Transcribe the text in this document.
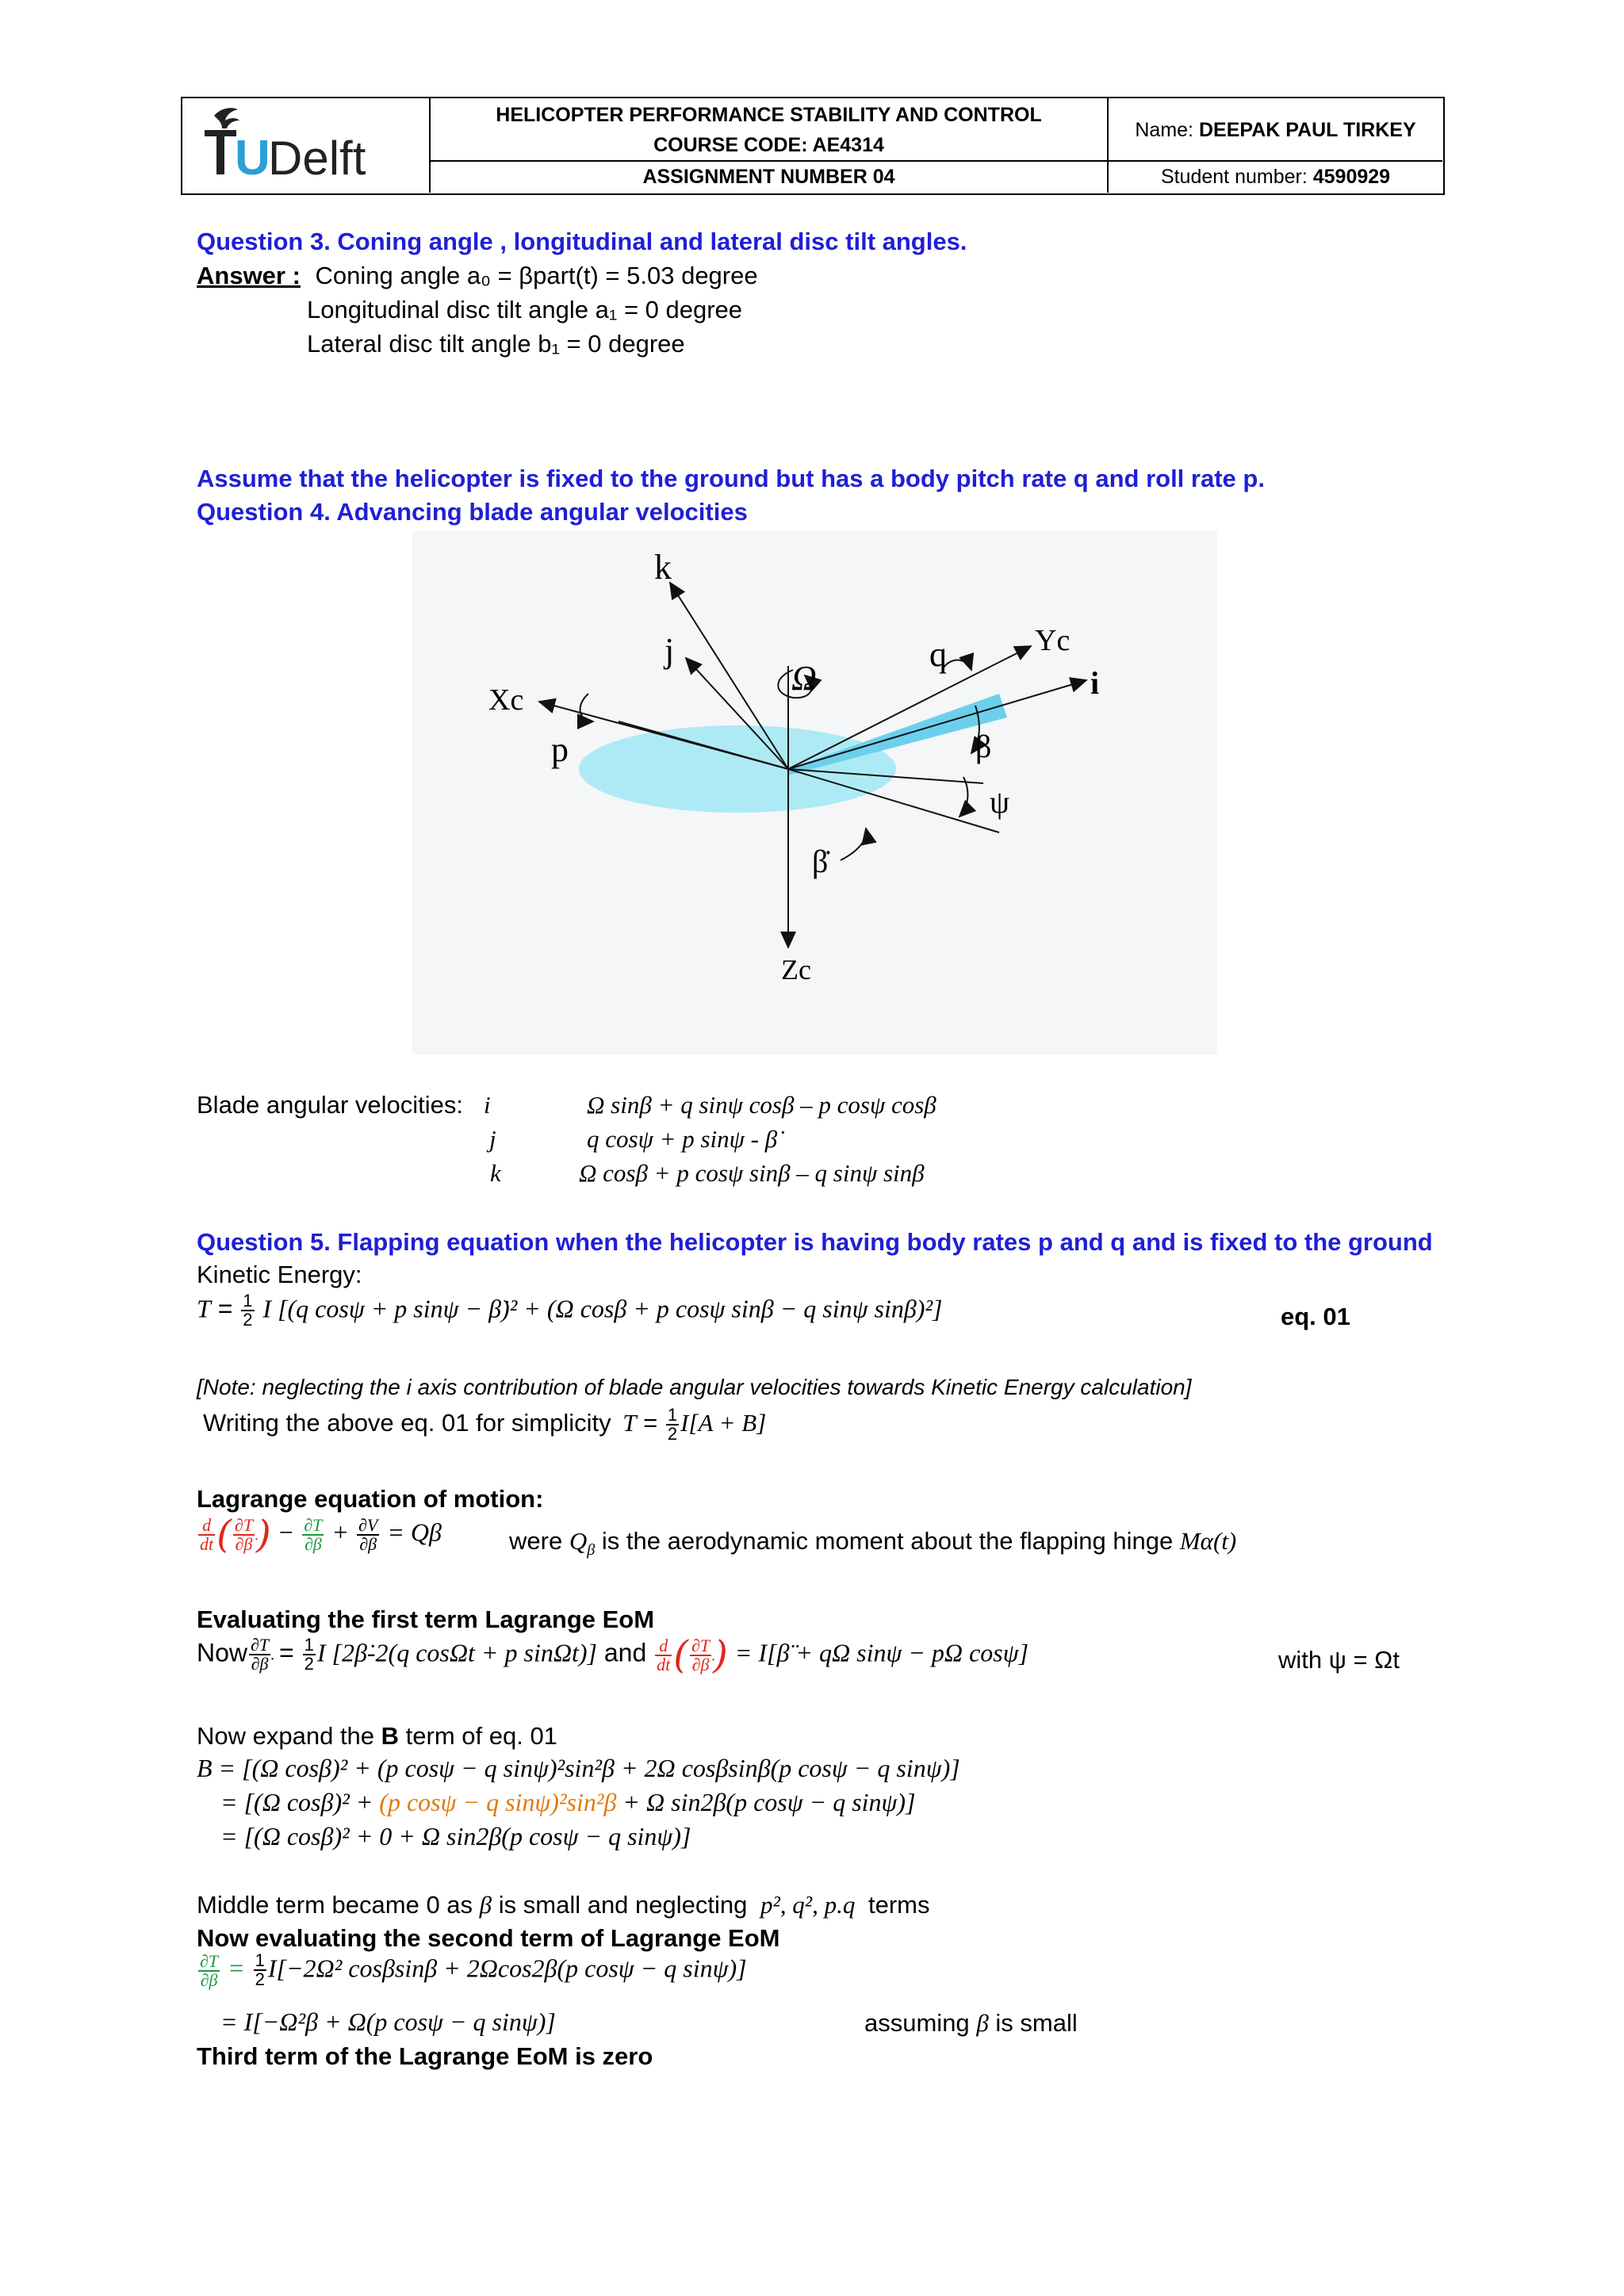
U
Delft
HELICOPTER PERFORMANCE STABILITY AND CONTROL
COURSE CODE: AE4314
ASSIGNMENT NUMBER 04
Name: DEEPAK PAUL TIRKEY
Student number: 4590929
Question 3. Coning angle , longitudinal and lateral disc tilt angles.
Answer : Coning angle a₀ = βpart(t) = 5.03 degree
Longitudinal disc tilt angle a₁ = 0 degree
Lateral disc tilt angle b₁ = 0 degree
Assume that the helicopter is fixed to the ground but has a body pitch rate q and roll rate p.
Question 4. Advancing blade angular velocities
k
j
Ω
q	Yc
i
Xc
p	β
ψ
β̇
Zc
Blade angular velocities: i	Ω sinβ + q sinψ cosβ – p cosψ cosβ
j	q cosψ + p sinψ - β̇
k	Ω cosβ + p cosψ sinβ – q sinψ sinβ
Question 5. Flapping equation when the helicopter is having body rates p and q and is fixed to the ground
Kinetic Energy:
$T = \frac{1}{2}$ I [(q cosψ + p sinψ − β̇)² + (Ω cosβ + p cosψ sinβ − q sinψ sinβ)²]	eq. 01
[Note: neglecting the i axis contribution of blade angular velocities towards Kinetic Energy calculation]
Writing the above eq. 01 for simplicity $T = \frac{1}{2} I[A + B]$
Lagrange equation of motion:
$\frac{d}{dt}$ ( $\frac{\partial T}{\partial\betȧ}$ ) − $\frac{\partial T}{\partial\beta} + \frac{\partial V}{\partial\beta} = Q\beta$	were $Q_\beta$ is the aerodynamic moment about the flapping hinge Mα(t)
Evaluating the first term Lagrange EoM
Now $\frac{\partial T}{\partial\betȧ} = \frac{1}{2}$ I [2β̇-2(q cosΩt + p sinΩt)] and $\frac{d}{dt}$ ( $\frac{\partial T}{\partial\betȧ}$ ) = I[β̈ + qΩ sinψ − pΩ cosψ]	with ψ = Ωt
Now expand the B term of eq. 01
B = [(Ω cosβ)² + (p cosψ − q sinψ)²sin²β + 2Ω cosβsinβ(p cosψ − q sinψ)]
= [(Ω cosβ)² + (p cosψ − q sinψ)²sin²β + Ω sin2β(p cosψ − q sinψ)]
= [(Ω cosβ)² + 0 + Ω sin2β(p cosψ − q sinψ)]
Middle term became 0 as β is small and neglecting p², q², p.q terms
Now evaluating the second term of Lagrange EoM
$\frac{\partial T}{\partial\beta} = \frac{1}{2} I[-2\Omega^2$ cosβsinβ + 2Ωcos2β(p cosψ − q sinψ)]
= I[−Ω²β + Ω(p cosψ − q sinψ)]	assuming β is small
Third term of the Lagrange EoM is zero
